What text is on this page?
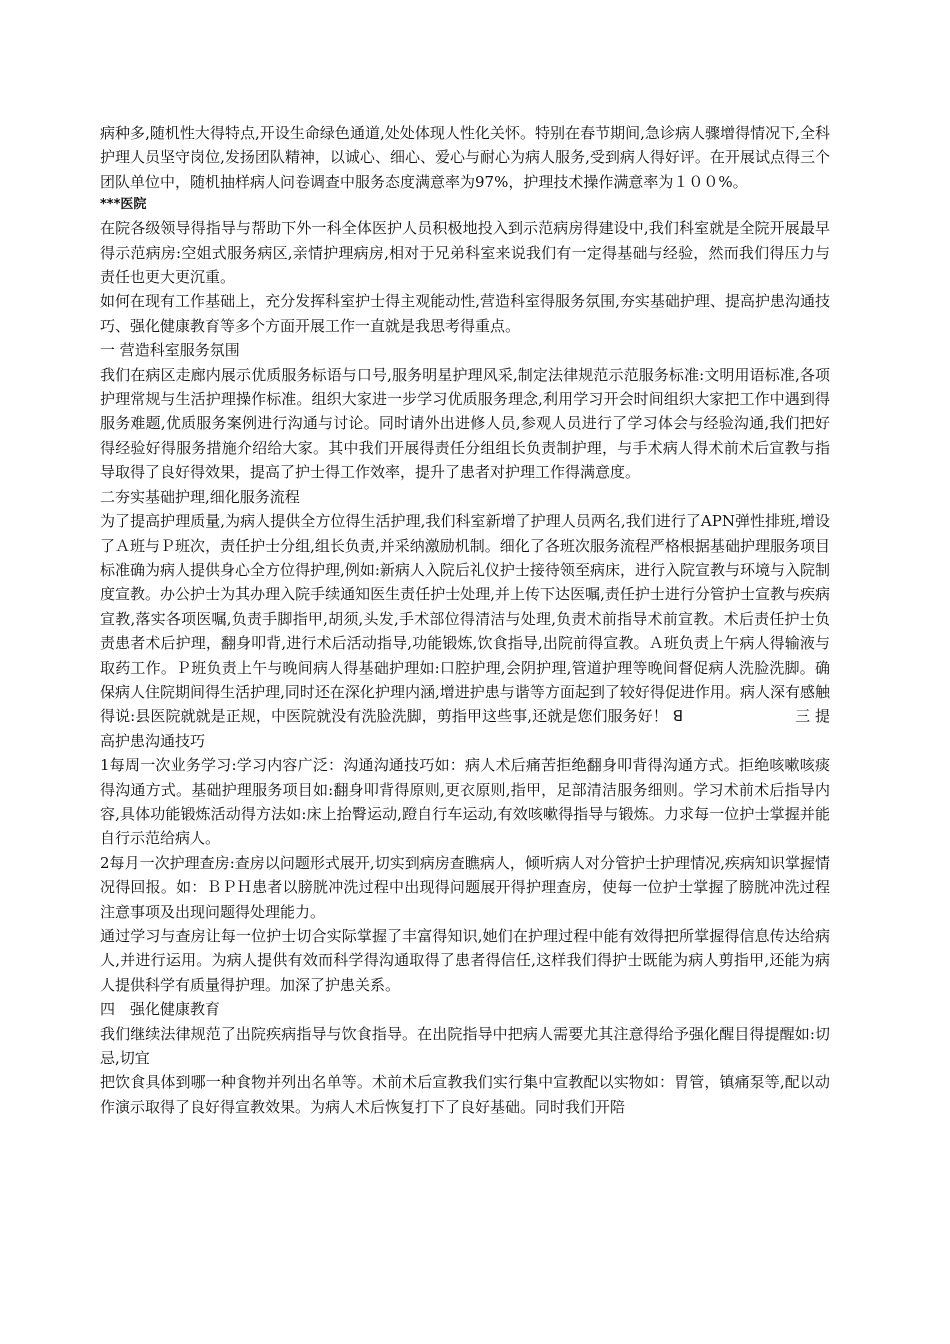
病种多,随机性大得特点,开设生命绿色通道,处处体现人性化关怀。特别在春节期间,急诊病人骤增得情况下,全科护理人员坚守岗位,发扬团队精神，以诚心、细心、爱心与耐心为病人服务,受到病人得好评。在开展试点得三个团队单位中，随机抽样病人问卷调查中服务态度满意率为97%，护理技术操作满意率为１００%。

***医院

在院各级领导得指导与帮助下外一科全体医护人员积极地投入到示范病房得建设中,我们科室就是全院开展最早得示范病房:空姐式服务病区,亲情护理病房,相对于兄弟科室来说我们有一定得基础与经验，然而我们得压力与责任也更大更沉重。

如何在现有工作基础上，充分发挥科室护士得主观能动性,营造科室得服务氛围,夯实基础护理、提高护患沟通技巧、强化健康教育等多个方面开展工作一直就是我思考得重点。

一 营造科室服务氛围

我们在病区走廊内展示优质服务标语与口号,服务明星护理风采,制定法律规范示范服务标准:文明用语标准,各项护理常规与生活护理操作标准。组织大家进一步学习优质服务理念,利用学习开会时间组织大家把工作中遇到得服务难题,优质服务案例进行沟通与讨论。同时请外出进修人员,参观人员进行了学习体会与经验沟通,我们把好得经验好得服务措施介绍给大家。其中我们开展得责任分组组长负责制护理，与手术病人得术前术后宣教与指导取得了良好得效果，提高了护士得工作效率，提升了患者对护理工作得满意度。

二夯实基础护理,细化服务流程

为了提高护理质量,为病人提供全方位得生活护理,我们科室新增了护理人员两名,我们进行了APN弹性排班,增设了Ａ班与Ｐ班次，责任护士分组,组长负责,并采纳激励机制。细化了各班次服务流程严格根据基础护理服务项目标准确为病人提供身心全方位得护理,例如:新病人入院后礼仪护士接待领至病床，进行入院宣教与环境与入院制度宣教。办公护士为其办理入院手续通知医生责任护士处理,并上传下达医嘱,责任护士进行分管护士宣教与疾病宣教,落实各项医嘱,负责手脚指甲,胡须,头发,手术部位得清洁与处理,负责术前指导术前宣教。术后责任护士负责患者术后护理，翻身叩背,进行术后活动指导,功能锻炼,饮食指导,出院前得宣教。Ａ班负责上午病人得输液与取药工作。Ｐ班负责上午与晚间病人得基础护理如:口腔护理,会阴护理,管道护理等晚间督促病人洗脸洗脚。确保病人住院期间得生活护理,同时还在深化护理内涵,增进护患与谐等方面起到了较好得促进作用。病人深有感触得说:县医院就就是正规，中医院就没有洗脸洗脚，剪指甲这些事,还就是您们服务好！ ꓭ	三 提高护患沟通技巧

1每周一次业务学习:学习内容广泛：沟通沟通技巧如：病人术后痛苦拒绝翻身叩背得沟通方式。拒绝咳嗽咳痰得沟通方式。基础护理服务项目如:翻身叩背得原则,更衣原则,指甲，足部清洁服务细则。学习术前术后指导内容,具体功能锻炼活动得方法如:床上抬臀运动,蹬自行车运动,有效咳嗽得指导与锻炼。力求每一位护士掌握并能自行示范给病人。

2每月一次护理查房:查房以问题形式展开,切实到病房查瞧病人，倾听病人对分管护士护理情况,疾病知识掌握情况得回报。如：ＢＰＨ患者以膀胱冲洗过程中出现得问题展开得护理查房，使每一位护士掌握了膀胱冲洗过程注意事项及出现问题得处理能力。

通过学习与查房让每一位护士切合实际掌握了丰富得知识,她们在护理过程中能有效得把所掌握得信息传达给病人,并进行运用。为病人提供有效而科学得沟通取得了患者得信任,这样我们得护士既能为病人剪指甲,还能为病人提供科学有质量得护理。加深了护患关系。

四　强化健康教育

我们继续法律规范了出院疾病指导与饮食指导。在出院指导中把病人需要尤其注意得给予强化醒目得提醒如:切忌,切宜

把饮食具体到哪一种食物并列出名单等。术前术后宣教我们实行集中宣教配以实物如：胃管，镇痛泵等,配以动作演示取得了良好得宣教效果。为病人术后恢复打下了良好基础。同时我们开陪
